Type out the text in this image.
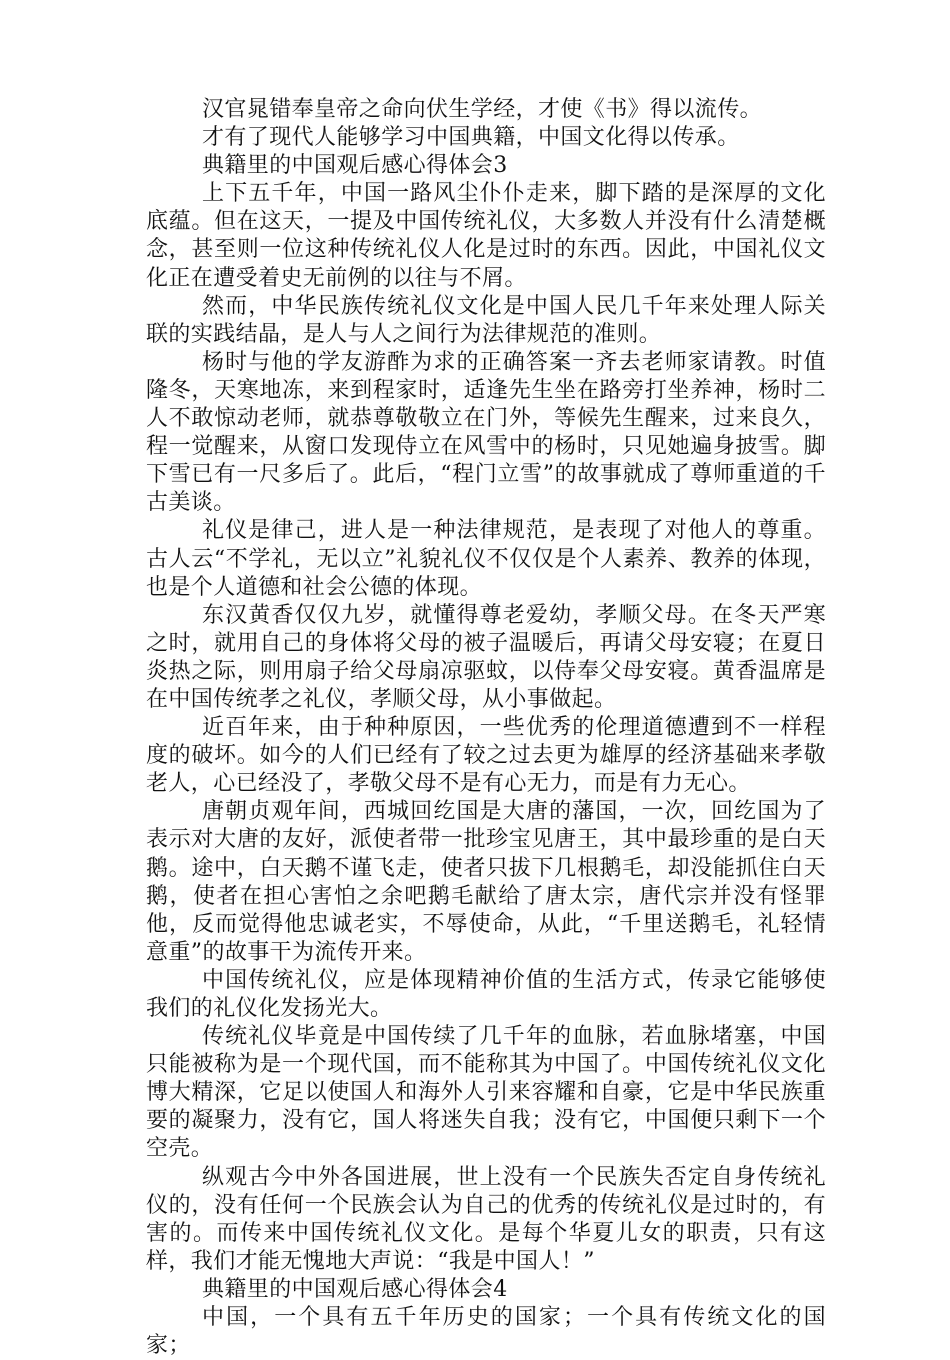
汉官晁错奉皇帝之命向伏生学经，才使《书》得以流传。

才有了现代人能够学习中国典籍，中国文化得以传承。

典籍里的中国观后感心得体会3

上下五千年，中国一路风尘仆仆走来，脚下踏的是深厚的文化底蕴。但在这天，一提及中国传统礼仪，大多数人并没有什么清楚概念，甚至则一位这种传统礼仪人化是过时的东西。因此，中国礼仪文化正在遭受着史无前例的以往与不屑。

然而，中华民族传统礼仪文化是中国人民几千年来处理人际关联的实践结晶，是人与人之间行为法律规范的准则。

杨时与他的学友游酢为求的正确答案一齐去老师家请教。时值隆冬，天寒地冻，来到程家时，适逢先生坐在路旁打坐养神，杨时二人不敢惊动老师，就恭尊敬敬立在门外，等候先生醒来，过来良久，程一觉醒来，从窗口发现侍立在风雪中的杨时，只见她遍身披雪。脚下雪已有一尺多后了。此后，“程门立雪”的故事就成了尊师重道的千古美谈。

礼仪是律己，进人是一种法律规范，是表现了对他人的尊重。古人云“不学礼，无以立”礼貌礼仪不仅仅是个人素养、教养的体现，也是个人道德和社会公德的体现。

东汉黄香仅仅九岁，就懂得尊老爱幼，孝顺父母。在冬天严寒之时，就用自己的身体将父母的被子温暖后，再请父母安寝；在夏日炎热之际，则用扇子给父母扇凉驱蚊，以侍奉父母安寝。黄香温席是在中国传统孝之礼仪，孝顺父母，从小事做起。

近百年来，由于种种原因，一些优秀的伦理道德遭到不一样程度的破坏。如今的人们已经有了较之过去更为雄厚的经济基础来孝敬老人，心已经没了，孝敬父母不是有心无力，而是有力无心。

唐朝贞观年间，西城回纥国是大唐的藩国，一次，回纥国为了表示对大唐的友好，派使者带一批珍宝见唐王，其中最珍重的是白天鹅。途中，白天鹅不谨飞走，使者只拔下几根鹅毛，却没能抓住白天鹅，使者在担心害怕之余吧鹅毛献给了唐太宗，唐代宗并没有怪罪他，反而觉得他忠诚老实，不辱使命，从此，“千里送鹅毛，礼轻情意重”的故事干为流传开来。

中国传统礼仪，应是体现精神价值的生活方式，传录它能够使我们的礼仪化发扬光大。

传统礼仪毕竟是中国传续了几千年的血脉，若血脉堵塞，中国只能被称为是一个现代国，而不能称其为中国了。中国传统礼仪文化博大精深，它足以使国人和海外人引来容耀和自豪，它是中华民族重要的凝聚力，没有它，国人将迷失自我；没有它，中国便只剩下一个空壳。

纵观古今中外各国进展，世上没有一个民族失否定自身传统礼仪的，没有任何一个民族会认为自己的优秀的传统礼仪是过时的，有害的。而传来中国传统礼仪文化。是每个华夏儿女的职责，只有这样，我们才能无愧地大声说：“我是中国人！”

典籍里的中国观后感心得体会4

中国，一个具有五千年历史的国家；一个具有传统文化的国家；
